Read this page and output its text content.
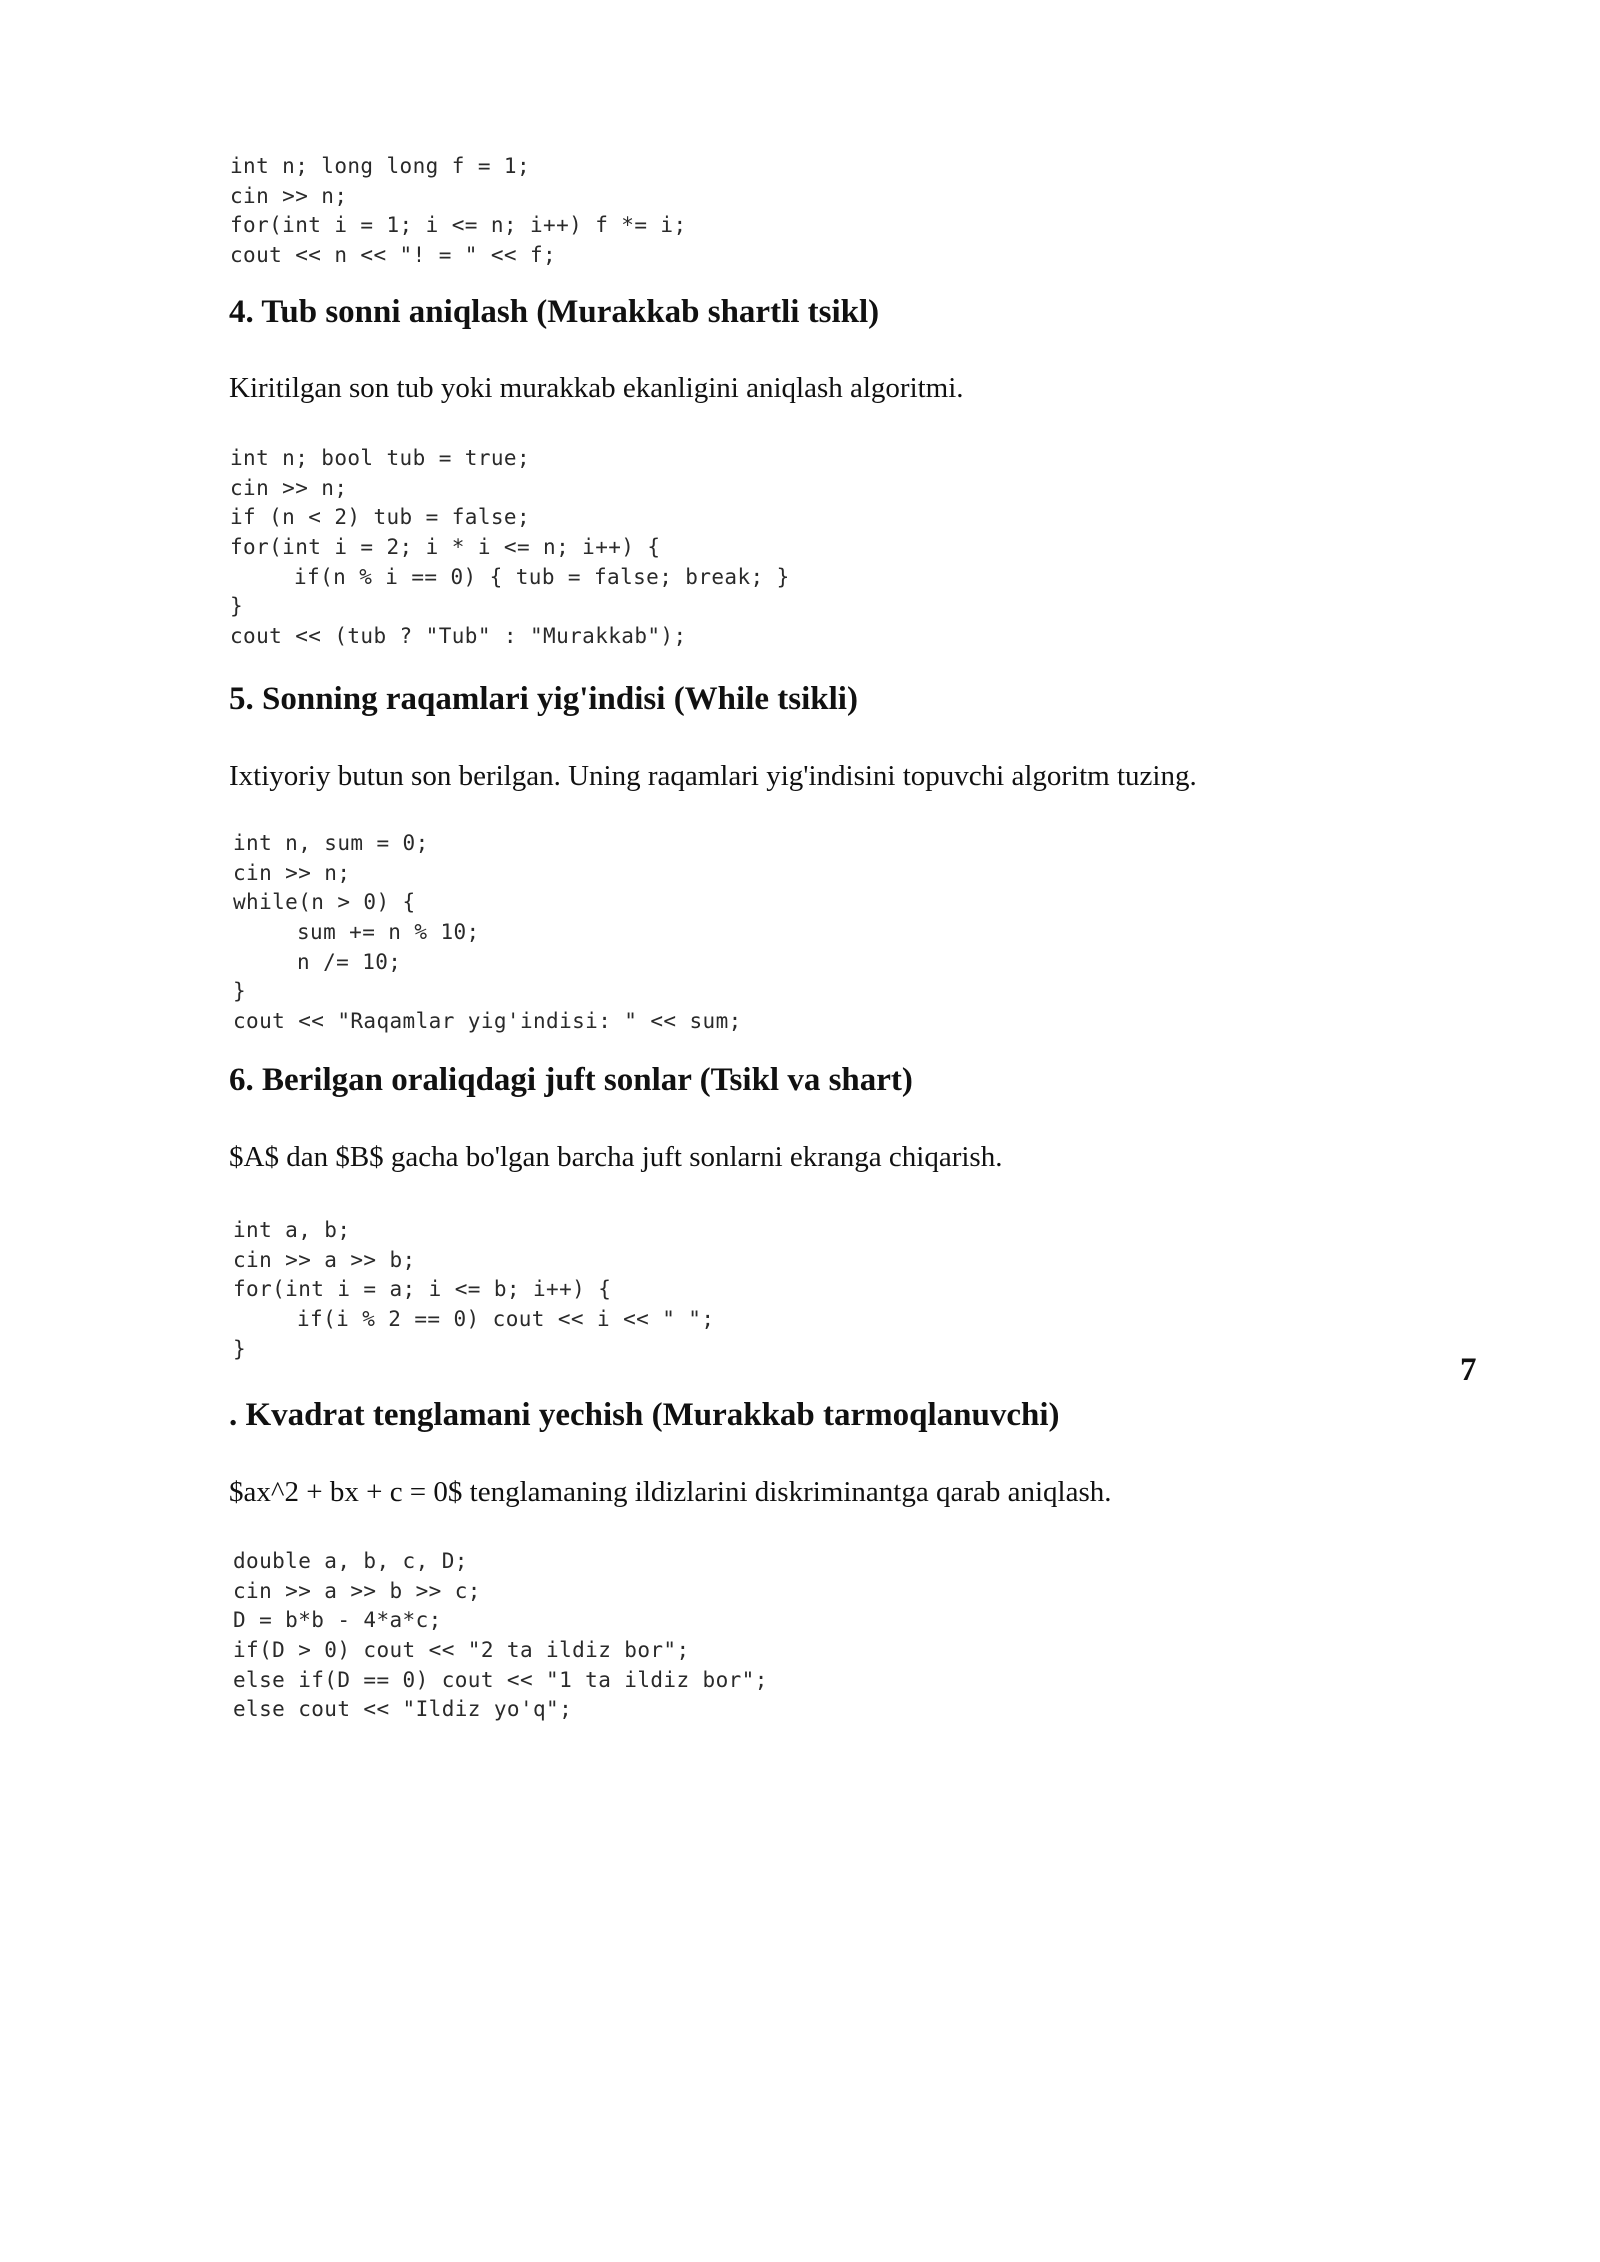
int n; long long f = 1;
cin >> n;
for(int i = 1; i <= n; i++) f *= i;
cout << n << "! = " << f;
4. Tub sonni aniqlash (Murakkab shartli tsikl)

Kiritilgan son tub yoki murakkab ekanligini aniqlash algoritmi.

int n; bool tub = true;
cin >> n;
if (n < 2) tub = false;
for(int i = 2; i * i <= n; i++) {
if(n % i == 0) { tub = false; break; }
}
cout << (tub ? "Tub" : "Murakkab");
5. Sonning raqamlari yig'indisi (While tsikli)

Ixtiyoriy butun son berilgan. Uning raqamlari yig'indisini topuvchi algoritm tuzing.

int n, sum = 0;
cin >> n;
while(n > 0) {
sum += n % 10;
n /= 10;
}
cout << "Raqamlar yig'indisi: " << sum;
6. Berilgan oraliqdagi juft sonlar (Tsikl va shart)

$A$ dan $B$ gacha bo'lgan barcha juft sonlarni ekranga chiqarish.

int a, b;
cin >> a >> b;
for(int i = a; i <= b; i++) {
if(i % 2 == 0) cout << i << " ";
}
7
. Kvadrat tenglamani yechish (Murakkab tarmoqlanuvchi)

$ax^2 + bx + c = 0$ tenglamaning ildizlarini diskriminantga qarab aniqlash.

double a, b, c, D;
cin >> a >> b >> c;
D = b*b - 4*a*c;
if(D > 0) cout << "2 ta ildiz bor";
else if(D == 0) cout << "1 ta ildiz bor";
else cout << "Ildiz yo'q";
